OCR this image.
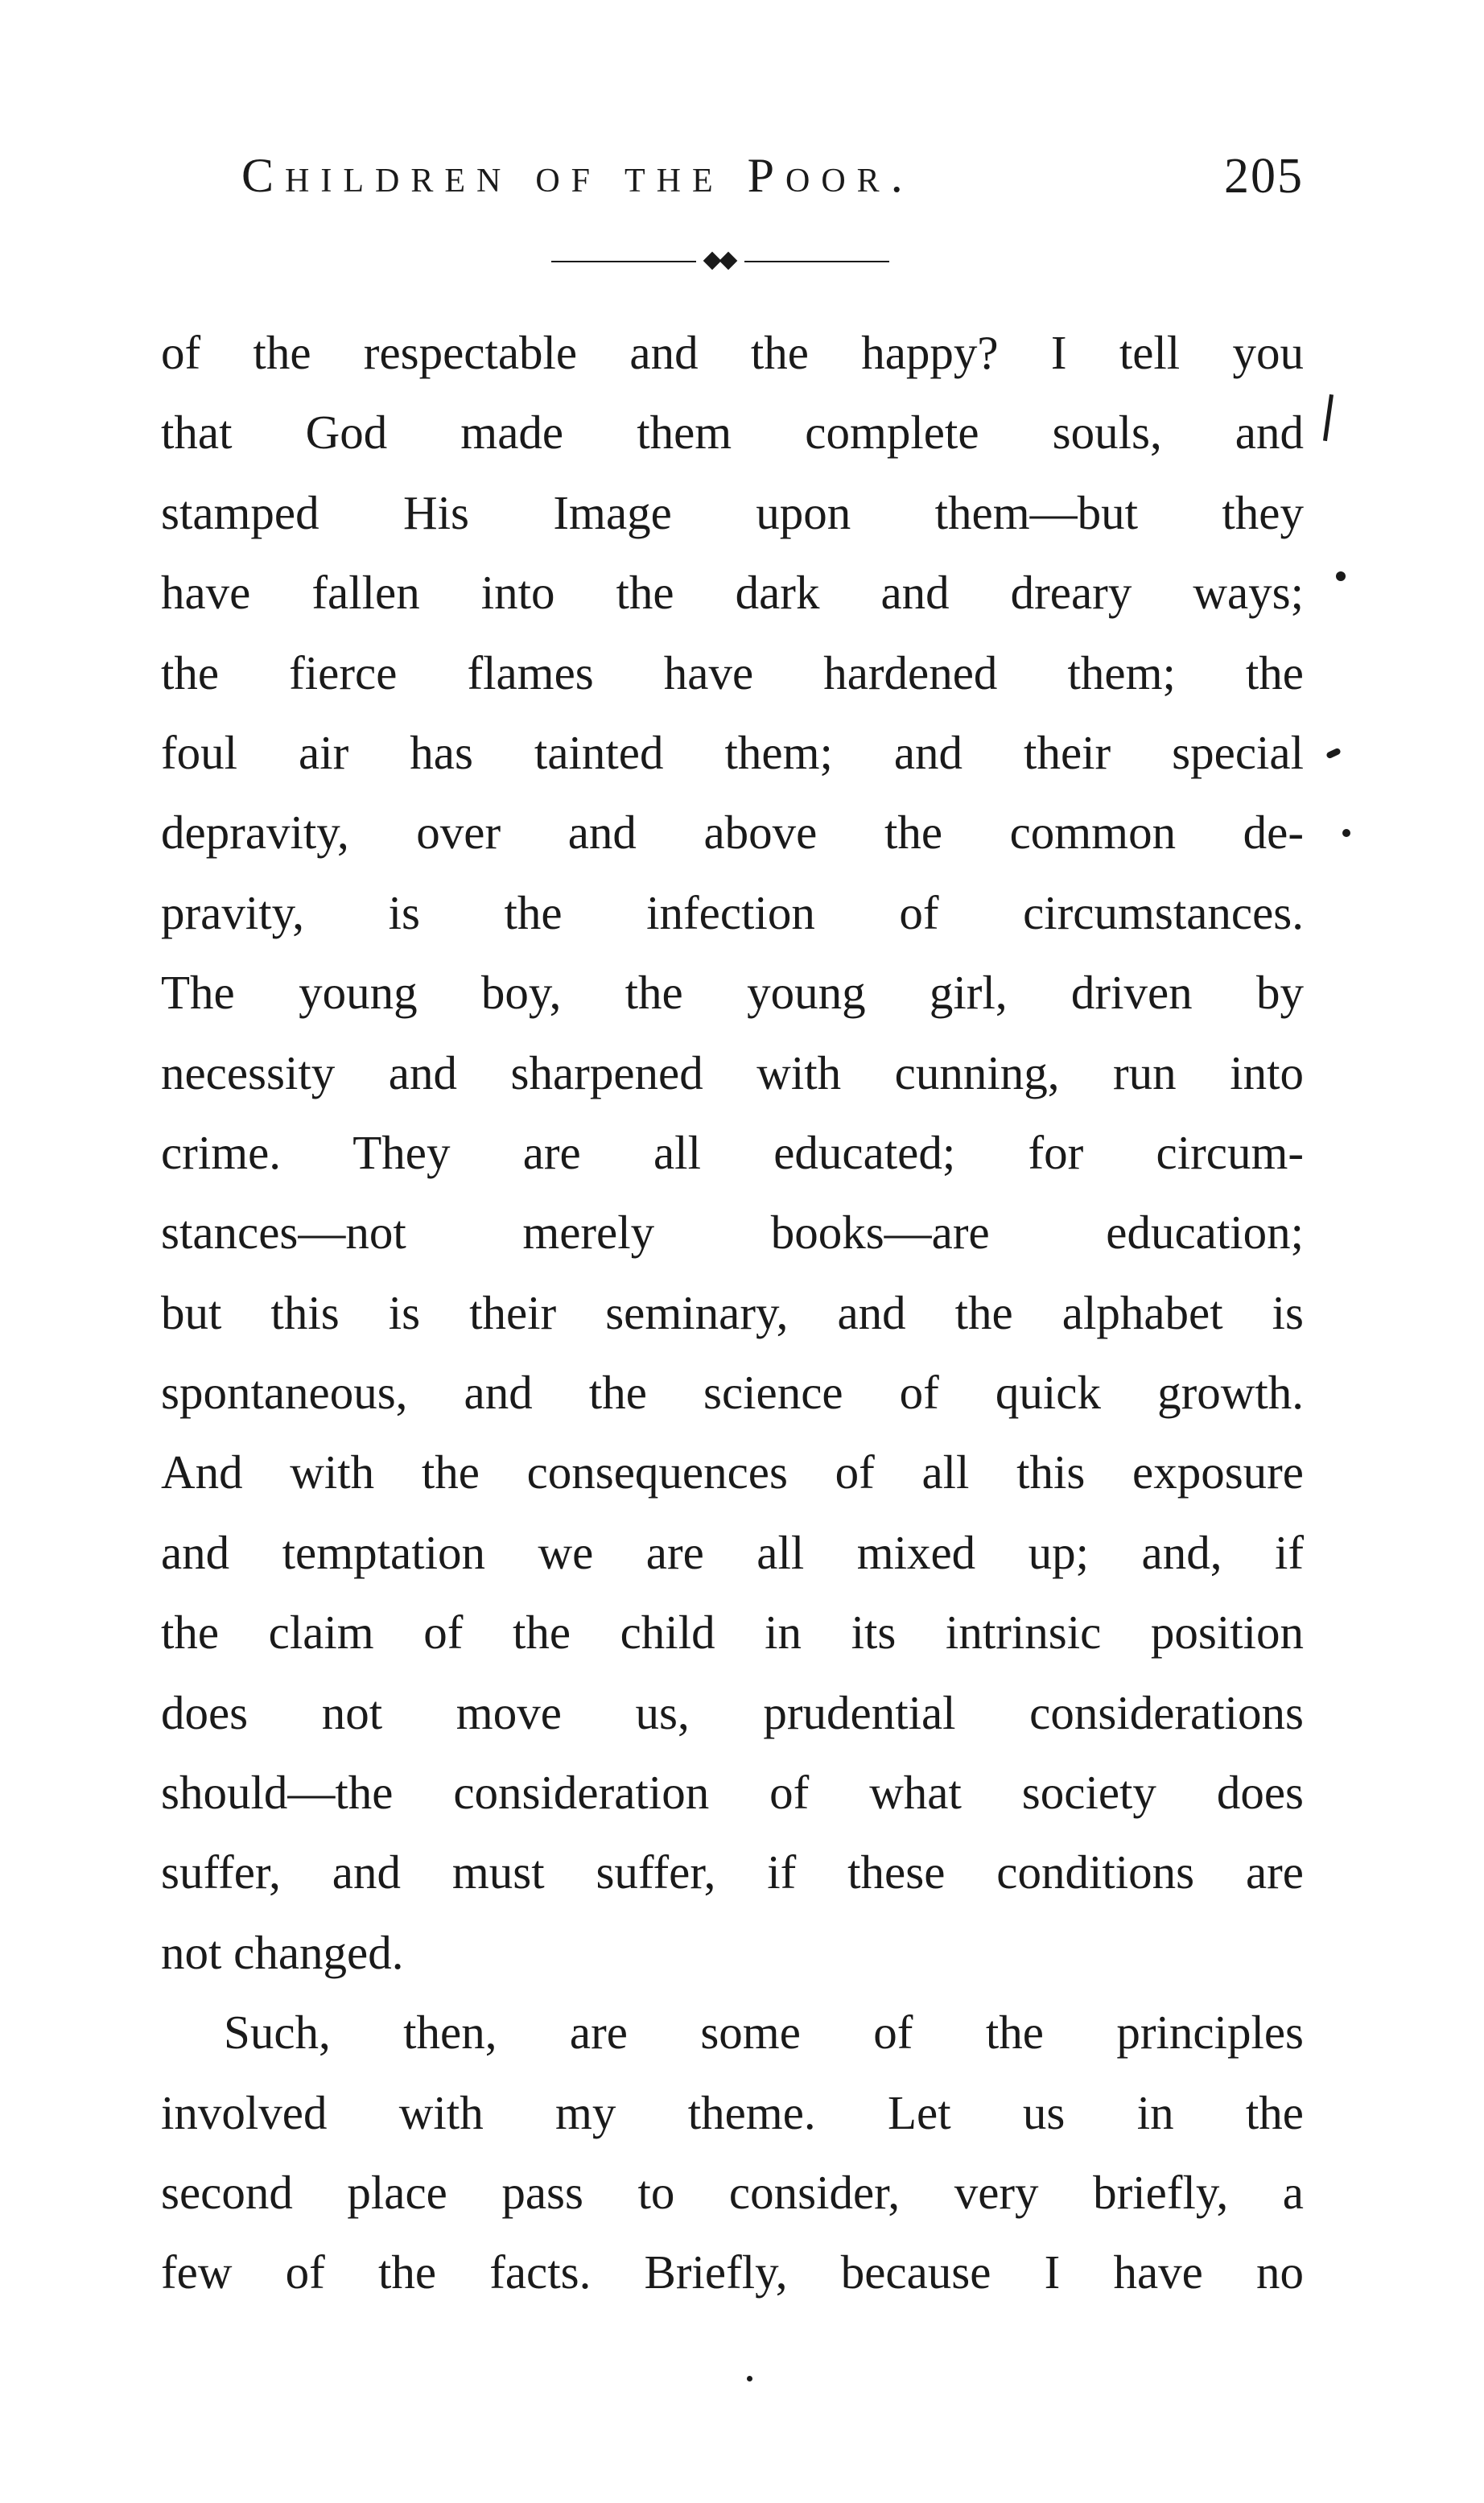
Children of the Poor.	205
of the respectable and the happy? I tell you
that God made them complete souls, and
stamped His Image upon them—but they
have fallen into the dark and dreary ways;
the fierce flames have hardened them; the
foul air has tainted them; and their special
depravity, over and above the common de-
pravity, is the infection of circumstances.
The young boy, the young girl, driven by
necessity and sharpened with cunning, run into
crime. They are all educated; for circum-
stances—not merely books—are education;
but this is their seminary, and the alphabet is
spontaneous, and the science of quick growth.
And with the consequences of all this exposure
and temptation we are all mixed up; and, if
the claim of the child in its intrinsic position
does not move us, prudential considerations
should—the consideration of what society does
suffer, and must suffer, if these conditions are
not changed.
Such, then, are some of the principles
involved with my theme. Let us in the
second place pass to consider, very briefly, a
few of the facts. Briefly, because I have no
